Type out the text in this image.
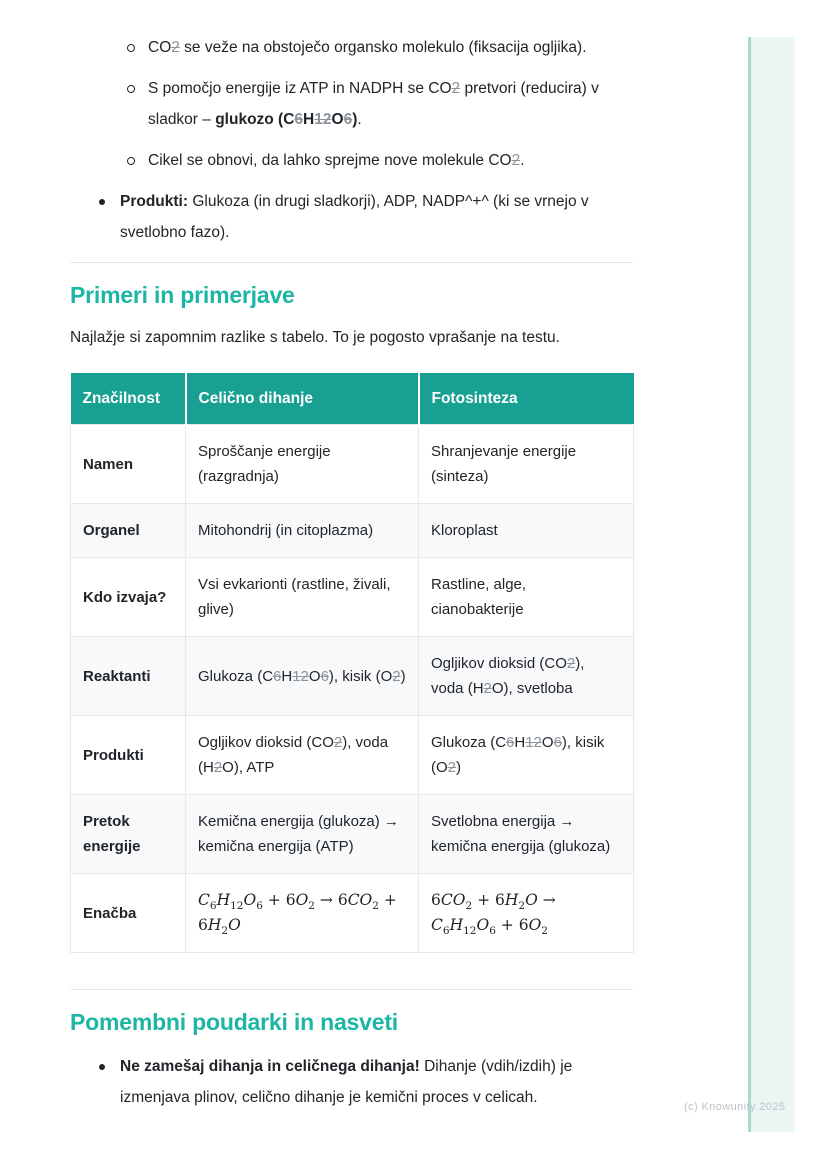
CO2 se veže na obstoječo organsko molekulo (fiksacija ogljika).
S pomočjo energije iz ATP in NADPH se CO2 pretvori (reducira) v sladkor – glukozo (C6H12O6).
Cikel se obnovi, da lahko sprejme nove molekule CO2.
Produkti: Glukoza (in drugi sladkorji), ADP, NADP^+^ (ki se vrnejo v svetlobno fazo).
Primeri in primerjave

Najlažje si zapomnim razlike s tabelo. To je pogosto vprašanje na testu.

Značilnost	Celično dihanje	Fotosinteza
Namen	Sproščanje energije (razgradnja)	Shranjevanje energije (sinteza)
Organel	Mitohondrij (in citoplazma)	Kloroplast
Kdo izvaja?	Vsi evkarionti (rastline, živali, glive)	Rastline, alge, cianobakterije
Reaktanti	Glukoza (C6H12O6), kisik (O2)	Ogljikov dioksid (CO2), voda (H2O), svetloba
Produkti	Ogljikov dioksid (CO2), voda (H2O), ATP	Glukoza (C6H12O6), kisik (O2)
Pretok energije	Kemična energija (glukoza) → kemična energija (ATP)	Svetlobna energija → kemična energija (glukoza)
Enačba	$C_6H_{12}O_6 + 6O_2 \to 6CO_2 + 6H_2O$	$6CO_2 + 6H_2O \to C_6H_{12}O_6 + 6O_2$
Pomembni poudarki in nasveti
Ne zamešaj dihanja in celičnega dihanja! Dihanje (vdih/izdih) je izmenjava plinov, celično dihanje je kemični proces v celicah.
(c) Knowunity 2025
